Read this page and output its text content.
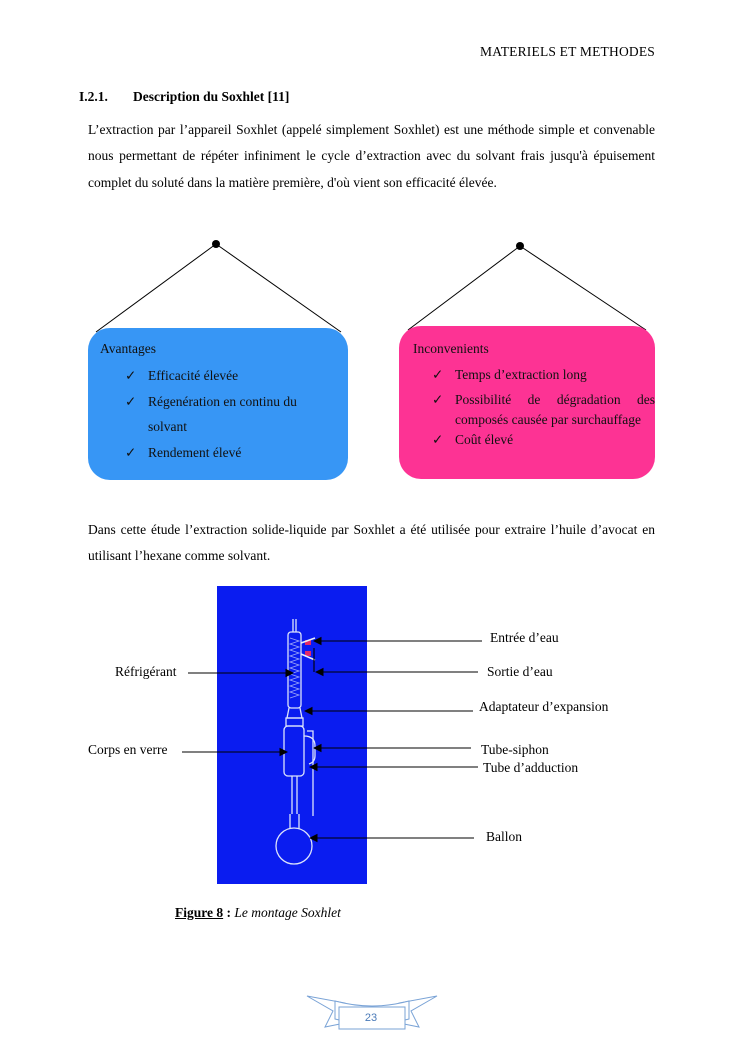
MATERIELS ET METHODES
I.2.1. Description du Soxhlet [11]
L’extraction par l’appareil Soxhlet (appelé simplement Soxhlet) est une méthode simple et convenable nous permettant de répéter infiniment le cycle d’extraction avec du solvant frais jusqu'à épuisement complet du soluté dans la matière première, d'où vient son efficacité élevée.
Avantages
✓ Efficacité élevée
✓ Régenération en continu du solvant
✓ Rendement élevé
Inconvenients
✓ Temps d’extraction long
✓ Possibilité de dégradation des composés causée par surchauffage
✓ Coût élevé
Dans cette étude l’extraction solide-liquide par Soxhlet a été utilisée pour extraire l’huile d’avocat en utilisant l’hexane comme solvant.
Entrée d’eau
Sortie d’eau
Adaptateur d’expansion
Tube-siphon
Tube d’adduction
Ballon
Réfrigérant
Corps en verre
Figure 8 : Le montage Soxhlet
23
